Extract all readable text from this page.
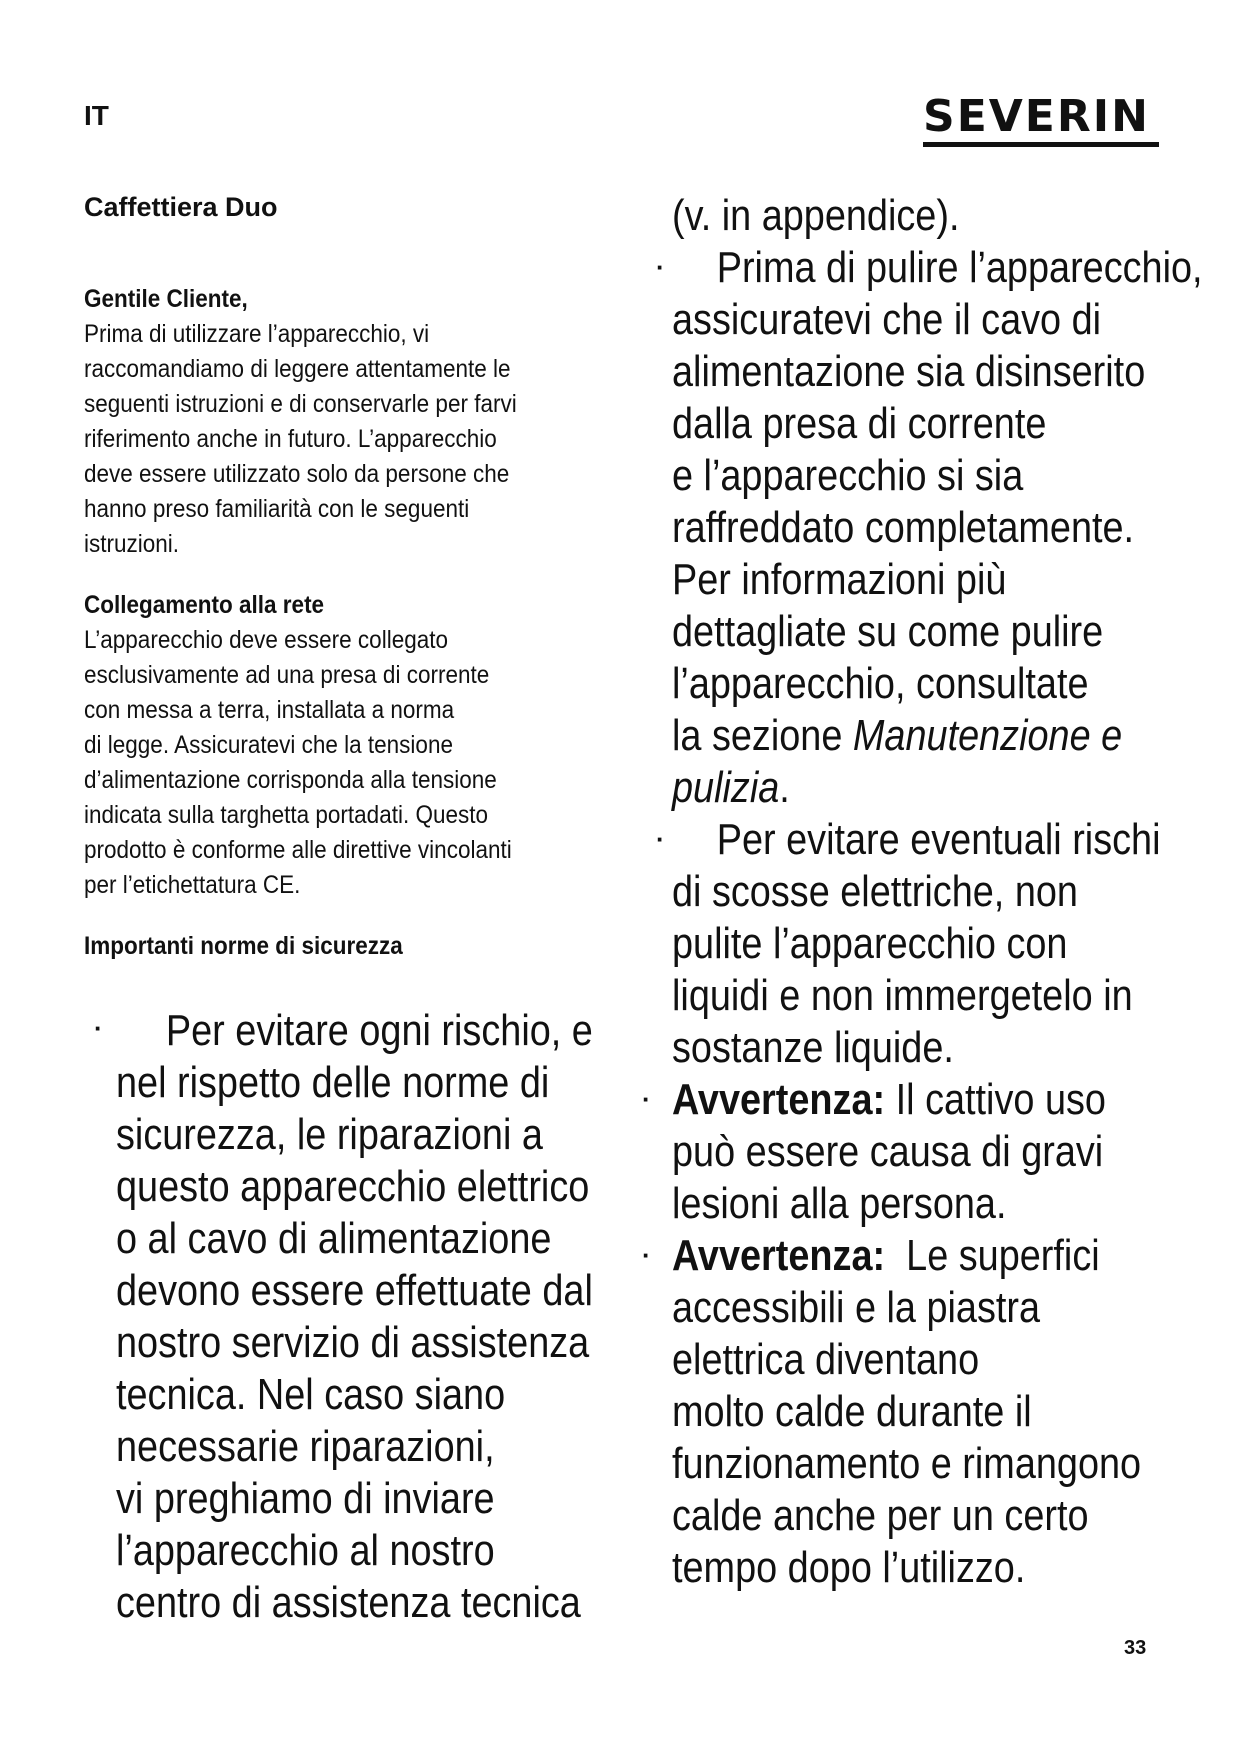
IT	SEVERIN

Caffettiera Duo

Gentile Cliente,

Prima di utilizzare l’apparecchio, vi

raccomandiamo di leggere attentamente le

seguenti istruzioni e di conservarle per farvi

riferimento anche in futuro. L’apparecchio

deve essere utilizzato solo da persone che

hanno preso familiarità con le seguenti

istruzioni.

Collegamento alla rete

L’apparecchio deve essere collegato

esclusivamente ad una presa di corrente

con messa a terra, installata a norma

di legge. Assicuratevi che la tensione

d’alimentazione corrisponda alla tensione

indicata sulla targhetta portadati. Questo

prodotto è conforme alle direttive vincolanti

per l’etichettatura CE.

Importanti norme di sicurezza

·	Per evitare ogni rischio, e

nel rispetto delle norme di

sicurezza, le riparazioni a

questo apparecchio elettrico

o al cavo di alimentazione

devono essere effettuate dal

nostro servizio di assistenza

tecnica. Nel caso siano

necessarie riparazioni,

vi preghiamo di inviare

l’apparecchio al nostro

centro di assistenza tecnica

(v. in appendice).

·	Prima di pulire l’apparecchio,

assicuratevi che il cavo di

alimentazione sia disinserito

dalla presa di corrente

e l’apparecchio si sia

raffreddato completamente.

Per informazioni più

dettagliate su come pulire

l’apparecchio, consultate

la sezione Manutenzione e

pulizia.

·	Per evitare eventuali rischi

di scosse elettriche, non

pulite l’apparecchio con

liquidi e non immergetelo in

sostanze liquide.

· Avvertenza: Il cattivo uso

può essere causa di gravi

lesioni alla persona.

· Avvertenza:  Le superfici

accessibili e la piastra

elettrica diventano

molto calde durante il

funzionamento e rimangono

calde anche per un certo

tempo dopo l’utilizzo.

33
